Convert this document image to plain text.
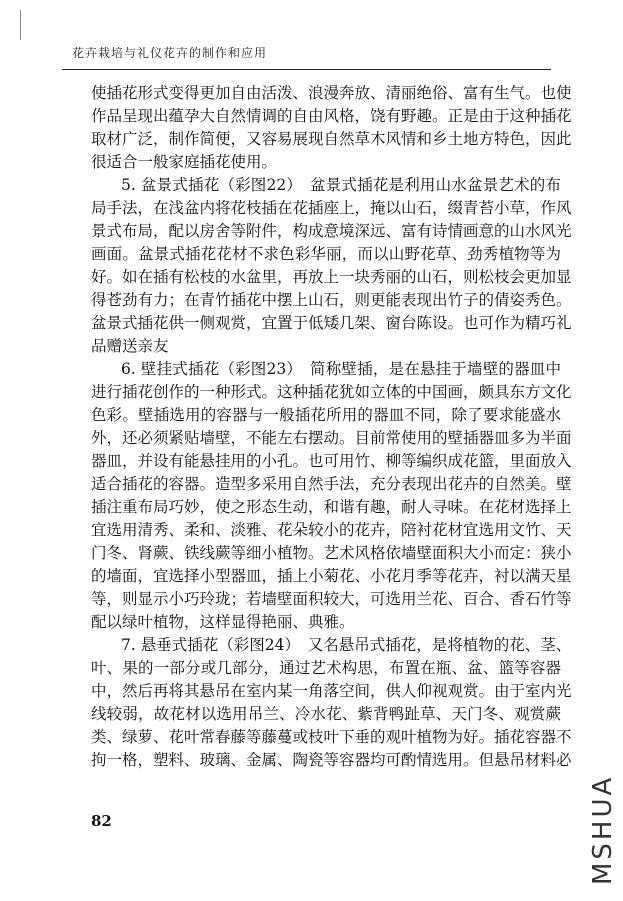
花卉栽培与礼仪花卉的制作和应用
使插花形式变得更加自由活泼、浪漫奔放、清丽绝俗、富有生气。也使
作品呈现出蕴孕大自然情调的自由风格，饶有野趣。正是由于这种插花
取材广泛，制作简便，又容易展现自然草木风情和乡土地方特色，因此
很适合一般家庭插花使用。
5. 盆景式插花（彩图22）　盆景式插花是利用山水盆景艺术的布
局手法，在浅盆内将花枝插在花插座上，掩以山石，缀青苔小草，作风
景式布局，配以房舍等附件，构成意境深远、富有诗情画意的山水风光
画面。盆景式插花花材不求色彩华丽，而以山野花草、劲秀植物等为
好。如在插有松枝的水盆里，再放上一块秀丽的山石，则松枝会更加显
得苍劲有力；在青竹插花中摆上山石，则更能表现出竹子的倩姿秀色。
盆景式插花供一侧观赏，宜置于低矮几架、窗台陈设。也可作为精巧礼
品赠送亲友
6. 壁挂式插花（彩图23）　简称壁插，是在悬挂于墙壁的器皿中
进行插花创作的一种形式。这种插花犹如立体的中国画，颇具东方文化
色彩。壁插选用的容器与一般插花所用的器皿不同，除了要求能盛水
外，还必须紧贴墙壁，不能左右摆动。目前常使用的壁插器皿多为半面
器皿，并设有能悬挂用的小孔。也可用竹、柳等编织成花篮，里面放入
适合插花的容器。造型多采用自然手法，充分表现出花卉的自然美。壁
插注重布局巧妙，使之形态生动，和谐有趣，耐人寻味。在花材选择上
宜选用清秀、柔和、淡雅、花朵较小的花卉，陪衬花材宜选用文竹、天
门冬、肾蕨、铁线蕨等细小植物。艺术风格依墙壁面积大小而定：狭小
的墙面，宜选择小型器皿，插上小菊花、小花月季等花卉，衬以满天星
等，则显示小巧玲珑；若墙壁面积较大，可选用兰花、百合、香石竹等
配以绿叶植物，这样显得艳丽、典雅。
7. 悬垂式插花（彩图24）　又名悬吊式插花，是将植物的花、茎、
叶、果的一部分或几部分，通过艺术构思，布置在瓶、盆、篮等容器
中，然后再将其悬吊在室内某一角落空间，供人仰视观赏。由于室内光
线较弱，故花材以选用吊兰、冷水花、紫背鸭趾草、天门冬、观赏蕨
类、绿萝、花叶常春藤等藤蔓或枝叶下垂的观叶植物为好。插花容器不
拘一格，塑料、玻璃、金属、陶瓷等容器均可酌情选用。但悬吊材料必
82	MSHUA
